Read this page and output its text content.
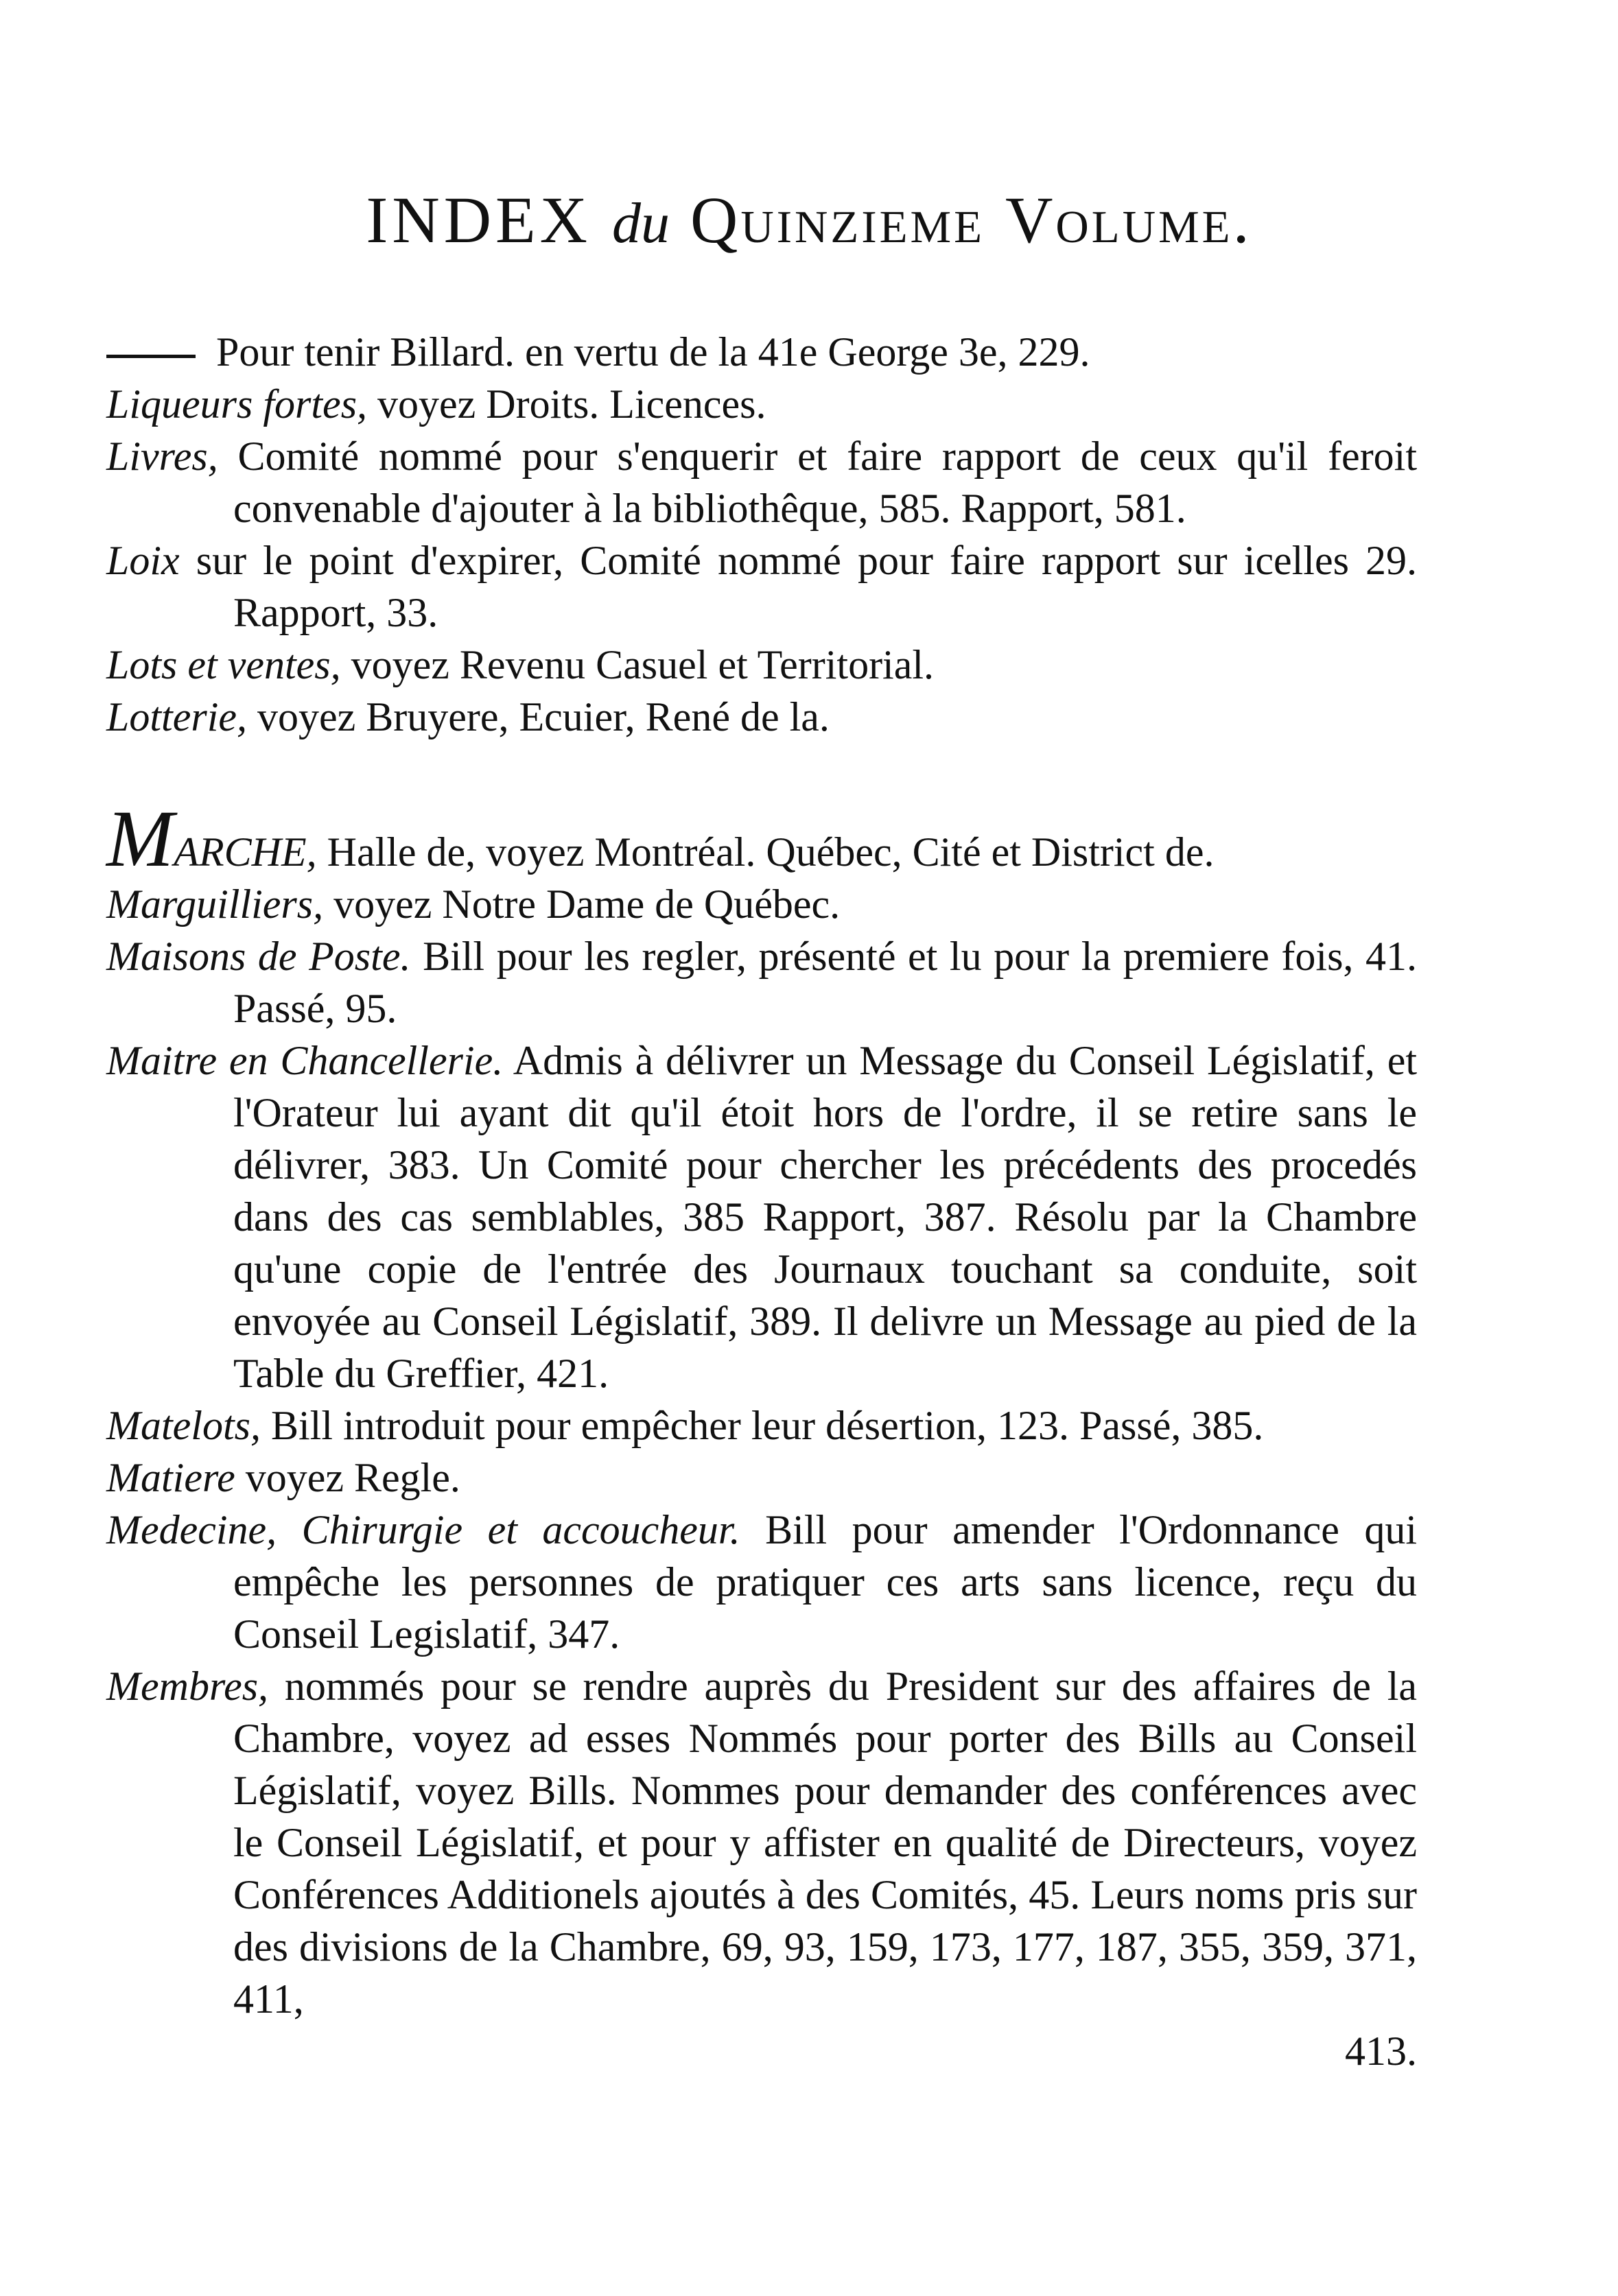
INDEX du Quinzieme Volume.

Pour tenir Billard. en vertu de la 41e George 3e, 229.

Liqueurs fortes, voyez Droits. Licences.

Livres, Comité nommé pour s'enquerir et faire rapport de ceux qu'il feroit convenable d'ajouter à la bibliothêque, 585. Rapport, 581.

Loix sur le point d'expirer, Comité nommé pour faire rapport sur icelles 29. Rapport, 33.

Lots et ventes, voyez Revenu Casuel et Territorial.

Lotterie, voyez Bruyere, Ecuier, René de la.

MARCHE, Halle de, voyez Montréal. Québec, Cité et District de.

Marguilliers, voyez Notre Dame de Québec.

Maisons de Poste. Bill pour les regler, présenté et lu pour la premiere fois, 41. Passé, 95.

Maitre en Chancellerie. Admis à délivrer un Message du Conseil Législatif, et l'Orateur lui ayant dit qu'il étoit hors de l'ordre, il se retire sans le délivrer, 383. Un Comité pour chercher les précédents des procedés dans des cas semblables, 385 Rapport, 387. Résolu par la Chambre qu'une copie de l'entrée des Journaux touchant sa conduite, soit envoyée au Conseil Législatif, 389. Il delivre un Message au pied de la Table du Greffier, 421.

Matelots, Bill introduit pour empêcher leur désertion, 123. Passé, 385.

Matiere voyez Regle.

Medecine, Chirurgie et accoucheur. Bill pour amender l'Ordonnance qui empêche les personnes de pratiquer ces arts sans licence, reçu du Conseil Legislatif, 347.

Membres, nommés pour se rendre auprès du President sur des affaires de la Chambre, voyez ad esses Nommés pour porter des Bills au Conseil Législatif, voyez Bills. Nommes pour demander des conférences avec le Conseil Législatif, et pour y affister en qualité de Directeurs, voyez Conférences Additionels ajoutés à des Comités, 45. Leurs noms pris sur des divisions de la Chambre, 69, 93, 159, 173, 177, 187, 355, 359, 371, 411,
413.
